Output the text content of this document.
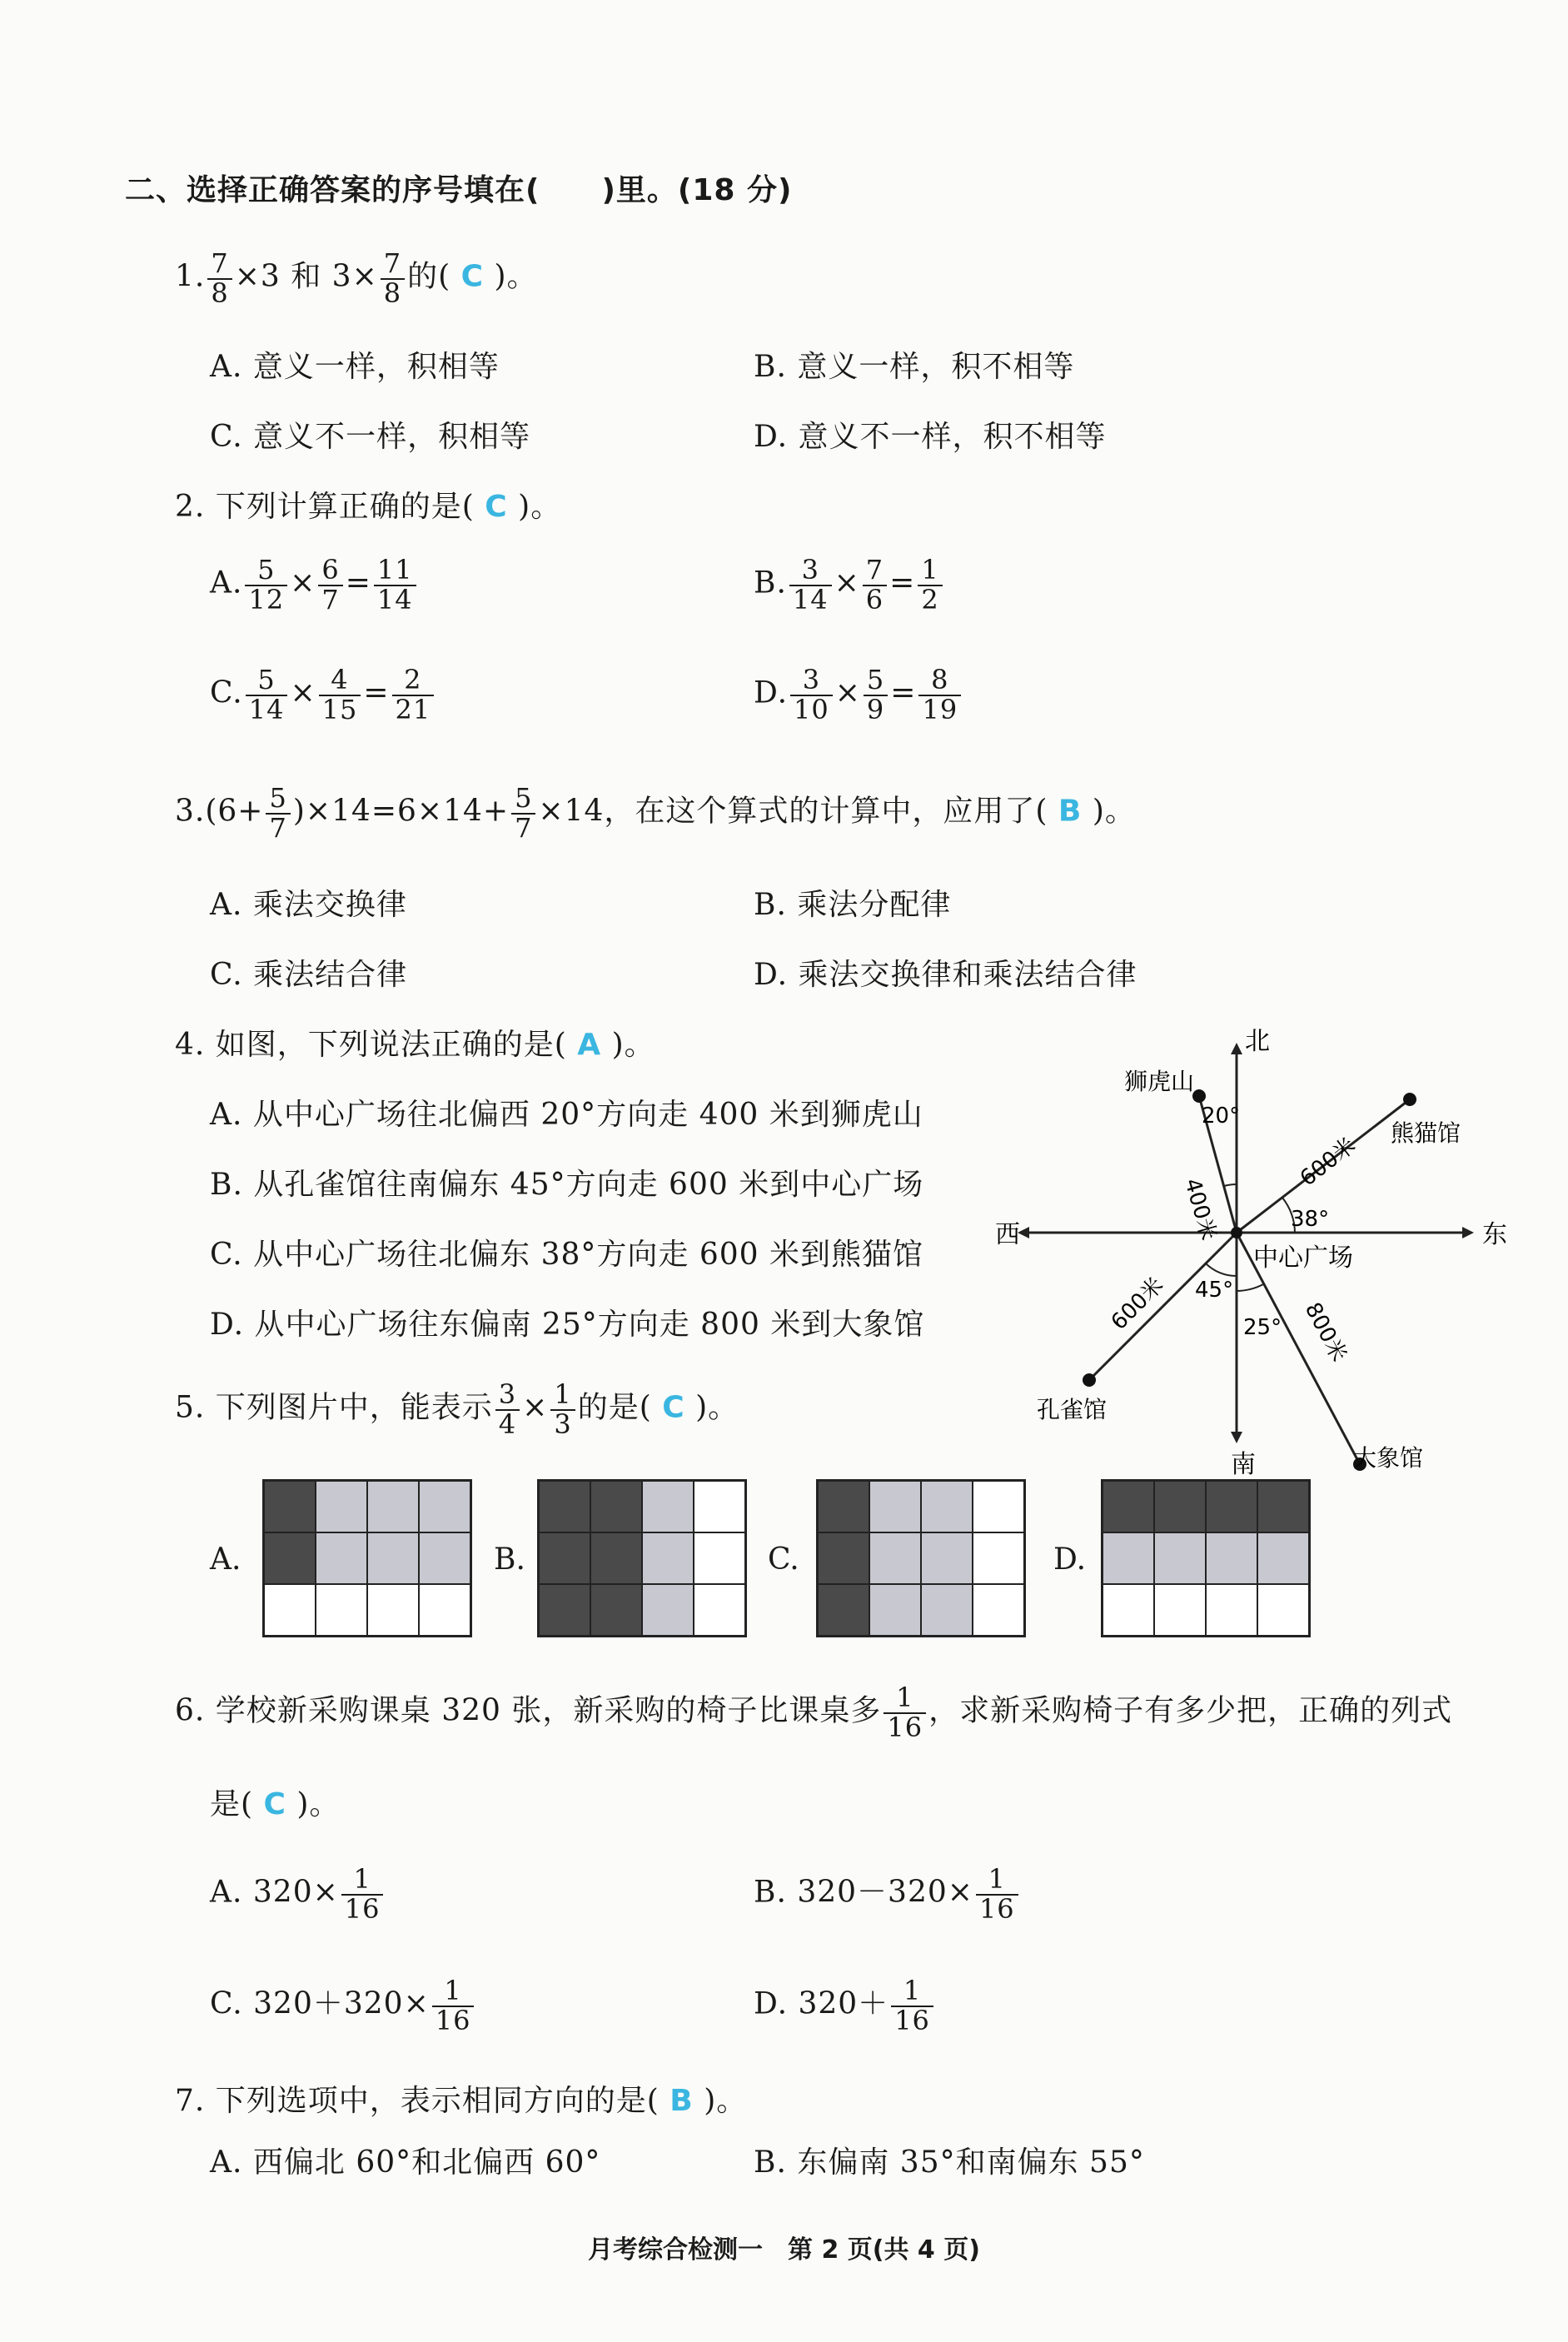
二、选择正确答案的序号填在(　　)里。(18 分)
1. $\frac{7}{8} \times 3$ 和 $3\times \frac{7}{8}$ 的( C )。
A. 意义一样，积相等	B. 意义一样，积不相等
C. 意义不一样，积相等	D. 意义不一样，积不相等
2. 下列计算正确的是( C )。
A. $\frac{5}{12} \times \frac{6}{7} = \frac{11}{14}$	B. $\frac{3}{14} \times \frac{7}{6} = \frac{1}{2}$
C. $\frac{5}{14} \times \frac{4}{15} = \frac{2}{21}$	D. $\frac{3}{10} \times \frac{5}{9} = \frac{8}{19}$
$3.(6+ \frac{5}{7} )\times 14=6\times 14+ \frac{5}{7} \times 14$，在这个算式的计算中，应用了( B )。
A. 乘法交换律	B. 乘法分配律
C. 乘法结合律	D. 乘法交换律和乘法结合律
4. 如图，下列说法正确的是( A )。
A. 从中心广场往北偏西 20°方向走 400 米到狮虎山
B. 从孔雀馆往南偏东 45°方向走 600 米到中心广场
C. 从中心广场往北偏东 38°方向走 600 米到熊猫馆
D. 从中心广场往东偏南 25°方向走 800 米到大象馆
北
南
东
西
中心广场
狮虎山
熊猫馆
孔雀馆
大象馆
20°
38°
45°
25°
400米
600米
600米	800米
5. 下列图片中，能表示 $\frac{3}{4} \times \frac{1}{3}$ 的是( C )。
A.	B.	C.	D.
6. 学校新采购课桌 320 张，新采购的椅子比课桌多 $\frac{1}{16}$ ，求新采购椅子有多少把，正确的列式
是( C )。
A. $320\times \frac{1}{16}$	B. $320-320\times \frac{1}{16}$
C. $320+320\times \frac{1}{16}$	D. $320+ \frac{1}{16}$
7. 下列选项中，表示相同方向的是( B )。
A. 西偏北 60°和北偏西 60°	B. 东偏南 35°和南偏东 55°
月考综合检测一　第 2 页(共 4 页)
